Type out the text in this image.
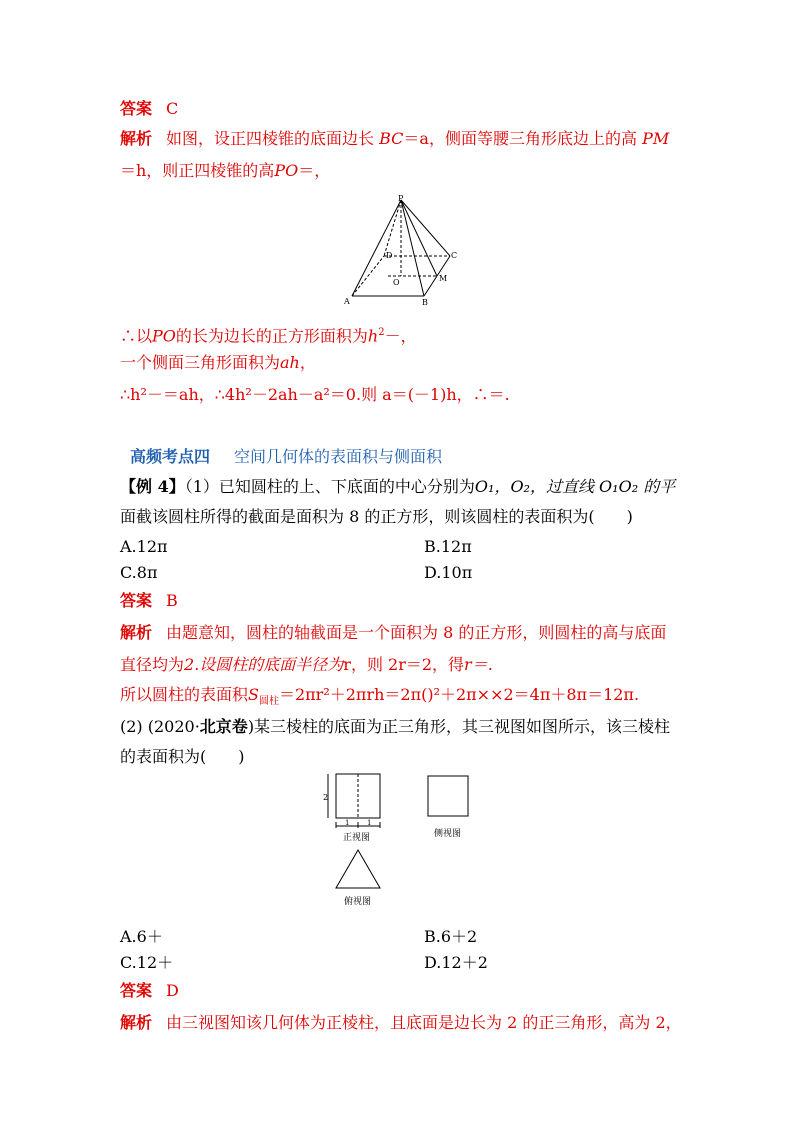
答案 C
解析 如图，设正四棱锥的底面边长 BC＝a，侧面等腰三角形底边上的高 PM
＝h，则正四棱锥的高PO＝，
P
D	C
O	M
A	B
∴以PO的长为边长的正方形面积为$h^2-$，
一个侧面三角形面积为ah，
∴h²－＝ah，∴4h²－2ah－a²＝0.则 a＝(－1)h，∴＝.
高频考点四 空间几何体的表面积与侧面积
【例 4】（1）已知圆柱的上、下底面的中心分别为O₁，O₂，过直线 O₁O₂ 的平
面截该圆柱所得的截面是面积为 8 的正方形，则该圆柱的表面积为(　　)
A.12π	B.12π
C.8π	D.10π
答案 B
解析 由题意知，圆柱的轴截面是一个面积为 8 的正方形，则圆柱的高与底面
直径均为2.设圆柱的底面半径为r，则 2r＝2，得r＝.
所以圆柱的表面积$S_{圆柱}=2\pi r^2+2\pi rh=2\pi()^2+2\pi\times\times 2=4\pi+8\pi=12\pi$.
(2) (2020·北京卷)某三棱柱的底面为正三角形，其三视图如图所示，该三棱柱
的表面积为(　　)
2
1	1
正视图	侧视图
俯视图
A.6＋	B.6＋2
C.12＋	D.12＋2
答案 D
解析 由三视图知该几何体为正棱柱，且底面是边长为 2 的正三角形，高为 2，
